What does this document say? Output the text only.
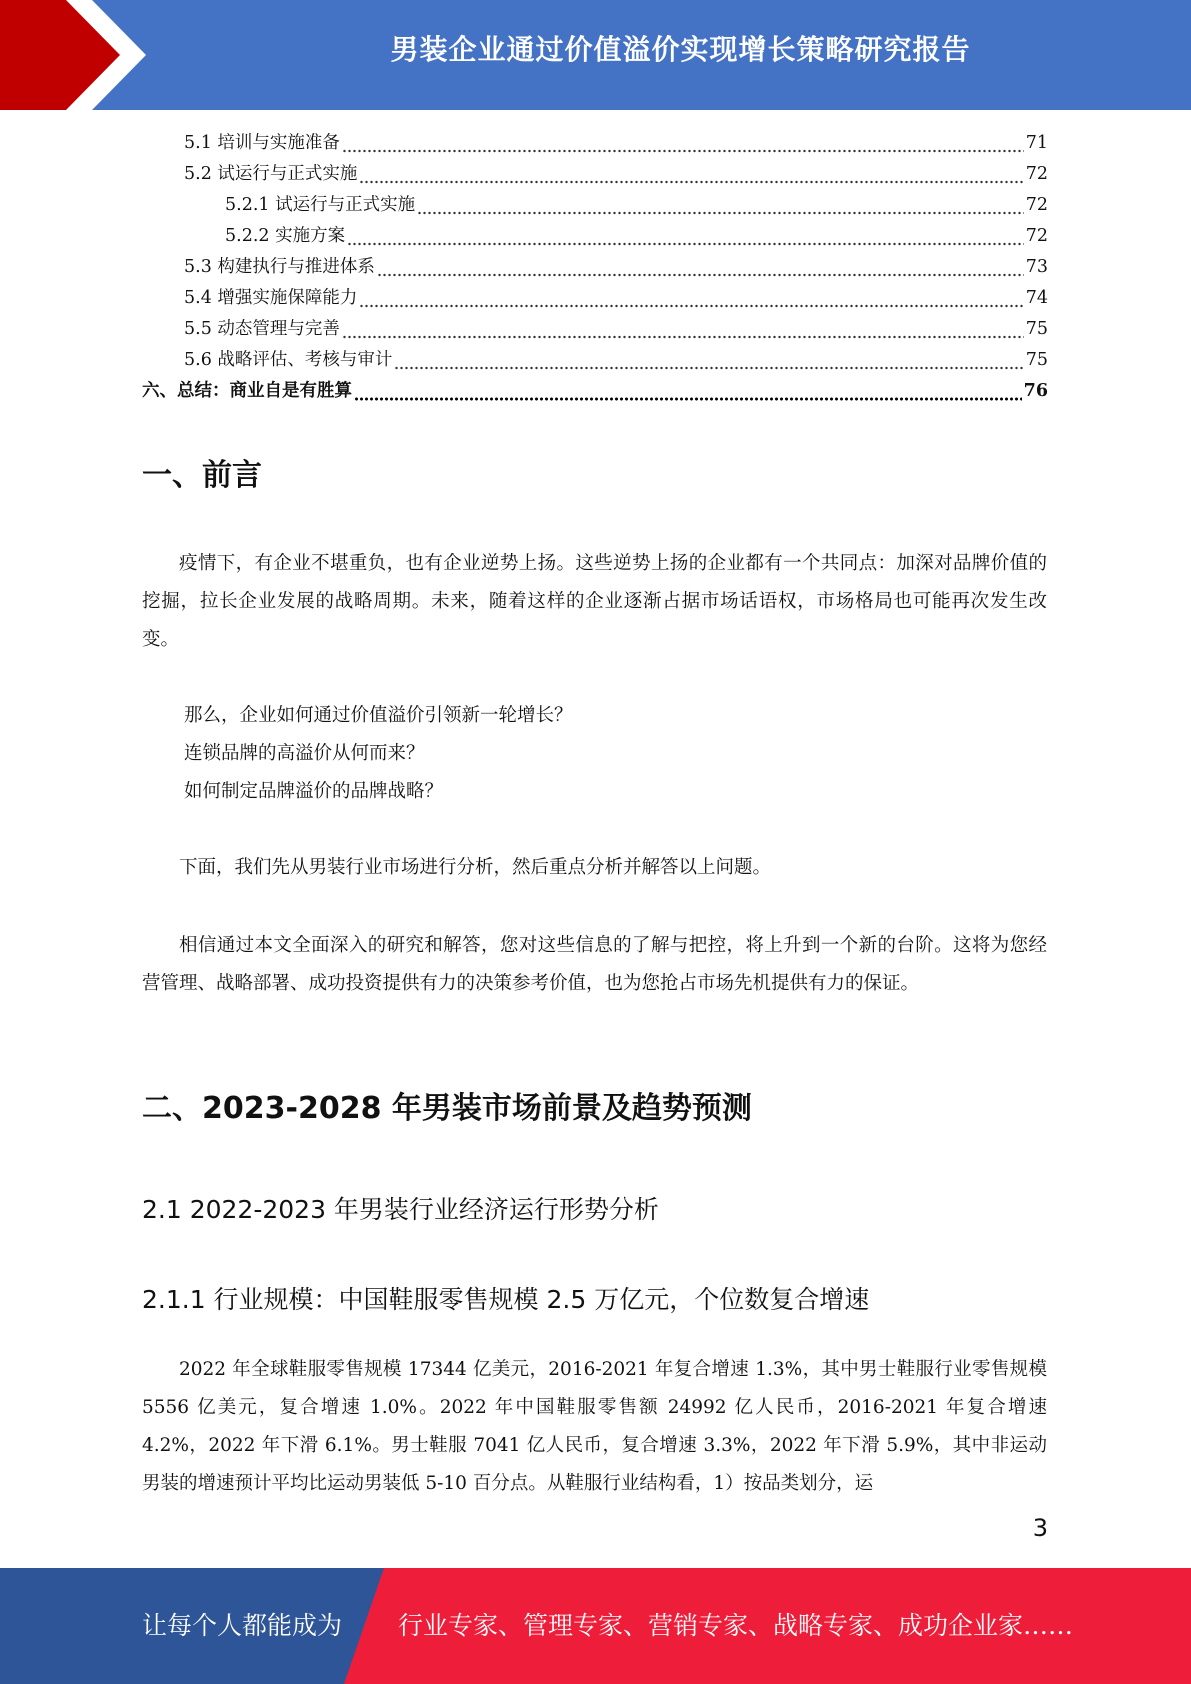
男装企业通过价值溢价实现增长策略研究报告
5.1 培训与实施准备	71
5.2 试运行与正式实施	72
5.2.1 试运行与正式实施	72
5.2.2 实施方案	72
5.3 构建执行与推进体系	73
5.4 增强实施保障能力	74
5.5 动态管理与完善	75
5.6 战略评估、考核与审计	75
六、总结：商业自是有胜算	76
一、前言

疫情下，有企业不堪重负，也有企业逆势上扬。这些逆势上扬的企业都有一个共同点：加深对品牌价值的挖掘，拉长企业发展的战略周期。未来，随着这样的企业逐渐占据市场话语权，市场格局也可能再次发生改变。

那么，企业如何通过价值溢价引领新一轮增长？

连锁品牌的高溢价从何而来？

如何制定品牌溢价的品牌战略？

下面，我们先从男装行业市场进行分析，然后重点分析并解答以上问题。

相信通过本文全面深入的研究和解答，您对这些信息的了解与把控，将上升到一个新的台阶。这将为您经营管理、战略部署、成功投资提供有力的决策参考价值，也为您抢占市场先机提供有力的保证。

二、2023-2028 年男装市场前景及趋势预测
2.1 2022-2023 年男装行业经济运行形势分析
2.1.1 行业规模：中国鞋服零售规模 2.5 万亿元，个位数复合增速

2022 年全球鞋服零售规模 17344 亿美元，2016-2021 年复合增速 1.3%，其中男士鞋服行业零售规模 5556 亿美元，复合增速 1.0%。2022 年中国鞋服零售额 24992 亿人民币，2016-2021 年复合增速 4.2%，2022 年下滑 6.1%。男士鞋服 7041 亿人民币，复合增速 3.3%，2022 年下滑 5.9%，其中非运动男装的增速预计平均比运动男装低 5-10 百分点。从鞋服行业结构看，1）按品类划分，运

3
让每个人都能成为 行业专家、管理专家、营销专家、战略专家、成功企业家……
